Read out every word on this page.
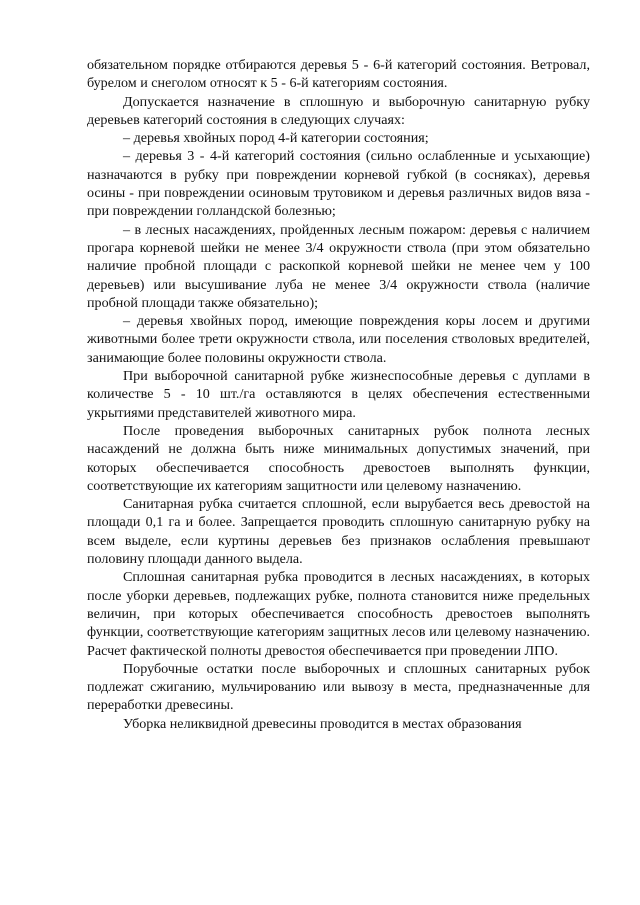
обязательном порядке отбираются деревья 5 - 6-й категорий состояния. Ветровал, бурелом и снеголом относят к 5 - 6-й категориям состояния.

Допускается назначение в сплошную и выборочную санитарную рубку деревьев категорий состояния в следующих случаях:

– деревья хвойных пород 4-й категории состояния;

– деревья 3 - 4-й категорий состояния (сильно ослабленные и усыхающие) назначаются в рубку при повреждении корневой губкой (в сосняках), деревья осины - при повреждении осиновым трутовиком и деревья различных видов вяза - при повреждении голландской болезнью;

– в лесных насаждениях, пройденных лесным пожаром: деревья с наличием прогара корневой шейки не менее 3/4 окружности ствола (при этом обязательно наличие пробной площади с раскопкой корневой шейки не менее чем у 100 деревьев) или высушивание луба не менее 3/4 окружности ствола (наличие пробной площади также обязательно);

– деревья хвойных пород, имеющие повреждения коры лосем и другими животными более трети окружности ствола, или поселения стволовых вредителей, занимающие более половины окружности ствола.

При выборочной санитарной рубке жизнеспособные деревья с дуплами в количестве 5 - 10 шт./га оставляются в целях обеспечения естественными укрытиями представителей животного мира.

После проведения выборочных санитарных рубок полнота лесных насаждений не должна быть ниже минимальных допустимых значений, при которых обеспечивается способность древостоев выполнять функции, соответствующие их категориям защитности или целевому назначению.

Санитарная рубка считается сплошной, если вырубается весь древостой на площади 0,1 га и более. Запрещается проводить сплошную санитарную рубку на всем выделе, если куртины деревьев без признаков ослабления превышают половину площади данного выдела.

Сплошная санитарная рубка проводится в лесных насаждениях, в которых после уборки деревьев, подлежащих рубке, полнота становится ниже предельных величин, при которых обеспечивается способность древостоев выполнять функции, соответствующие категориям защитных лесов или целевому назначению. Расчет фактической полноты древостоя обеспечивается при проведении ЛПО.

Порубочные остатки после выборочных и сплошных санитарных рубок подлежат сжиганию, мульчированию или вывозу в места, предназначенные для переработки древесины.

Уборка неликвидной древесины проводится в местах образования
